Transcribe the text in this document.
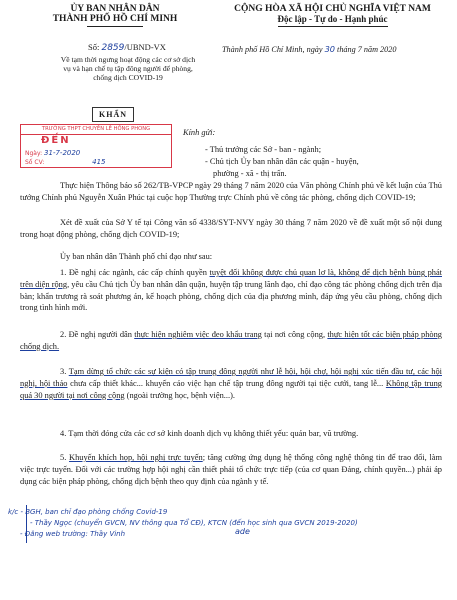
ỦY BAN NHÂN DÂN
THÀNH PHỐ HỒ CHÍ MINH
CỘNG HÒA XÃ HỘI CHỦ NGHĨA VIỆT NAM
Độc lập - Tự do - Hạnh phúc
Số: 2859/UBND-VX
Về tạm thời ngưng hoạt động các cơ sở dịch vụ và hạn chế tụ tập đông người để phòng, chống dịch COVID-19
Thành phố Hồ Chí Minh, ngày 30 tháng 7 năm 2020
KHẨN
TRƯỜNG THPT CHUYÊN LÊ HỒNG PHONG
ĐẾN
Ngày: 31-7-2020
Số CV:	415
Kính gửi:
- Thủ trưởng các Sở - ban - ngành;
- Chủ tịch Ủy ban nhân dân các quận - huyện,
phường - xã - thị trấn.
Thực hiện Thông báo số 262/TB-VPCP ngày 29 tháng 7 năm 2020 của Văn phòng Chính phủ về kết luận của Thủ tướng Chính phủ Nguyễn Xuân Phúc tại cuộc họp Thường trực Chính phủ về công tác phòng, chống dịch COVID-19;
Xét đề xuất của Sở Y tế tại Công văn số 4338/SYT-NVY ngày 30 tháng 7 năm 2020 về đề xuất một số nội dung trong hoạt động phòng, chống dịch COVID-19;
Ủy ban nhân dân Thành phố chỉ đạo như sau:
1. Đề nghị các ngành, các cấp chính quyền tuyệt đối không được chủ quan lơ là, không để dịch bệnh bùng phát trên diện rộng, yêu cầu Chủ tịch Ủy ban nhân dân quận, huyện tập trung lãnh đạo, chỉ đạo công tác phòng chống dịch trên địa bàn; khẩn trương rà soát phương án, kế hoạch phòng, chống dịch của địa phương mình, đáp ứng yêu cầu phòng, chống dịch trong tình hình mới.
2. Đề nghị người dân thực hiện nghiêm việc đeo khẩu trang tại nơi công cộng, thực hiện tốt các biện pháp phòng chống dịch.
3. Tạm dừng tổ chức các sự kiện có tập trung đông người như lễ hội, hội chợ, hội nghị xúc tiến đầu tư, các hội nghị, hội thảo chưa cấp thiết khác... khuyến cáo việc hạn chế tập trung đông người tại tiệc cưới, tang lễ... Không tập trung quá 30 người tại nơi công cộng (ngoài trường học, bệnh viện...).
4. Tạm thời đóng cửa các cơ sở kinh doanh dịch vụ không thiết yếu: quán bar, vũ trường.
5. Khuyến khích họp, hội nghị trực tuyến; tăng cường ứng dụng hệ thống công nghệ thông tin để trao đổi, làm việc trực tuyến. Đối với các trường hợp hội nghị cần thiết phải tổ chức trực tiếp (của cơ quan Đảng, chính quyền...) phải áp dụng các biện pháp phòng, chống dịch bệnh theo quy định của ngành y tế.
k/c - BGH, ban chỉ đạo phòng chống Covid-19
- Thầy Ngọc (chuyển GVCN, NV thông qua Tổ CĐ), KTCN (đến học sinh qua GVCN 2019-2020)
- Đăng web trường: Thầy Vinh	ade
